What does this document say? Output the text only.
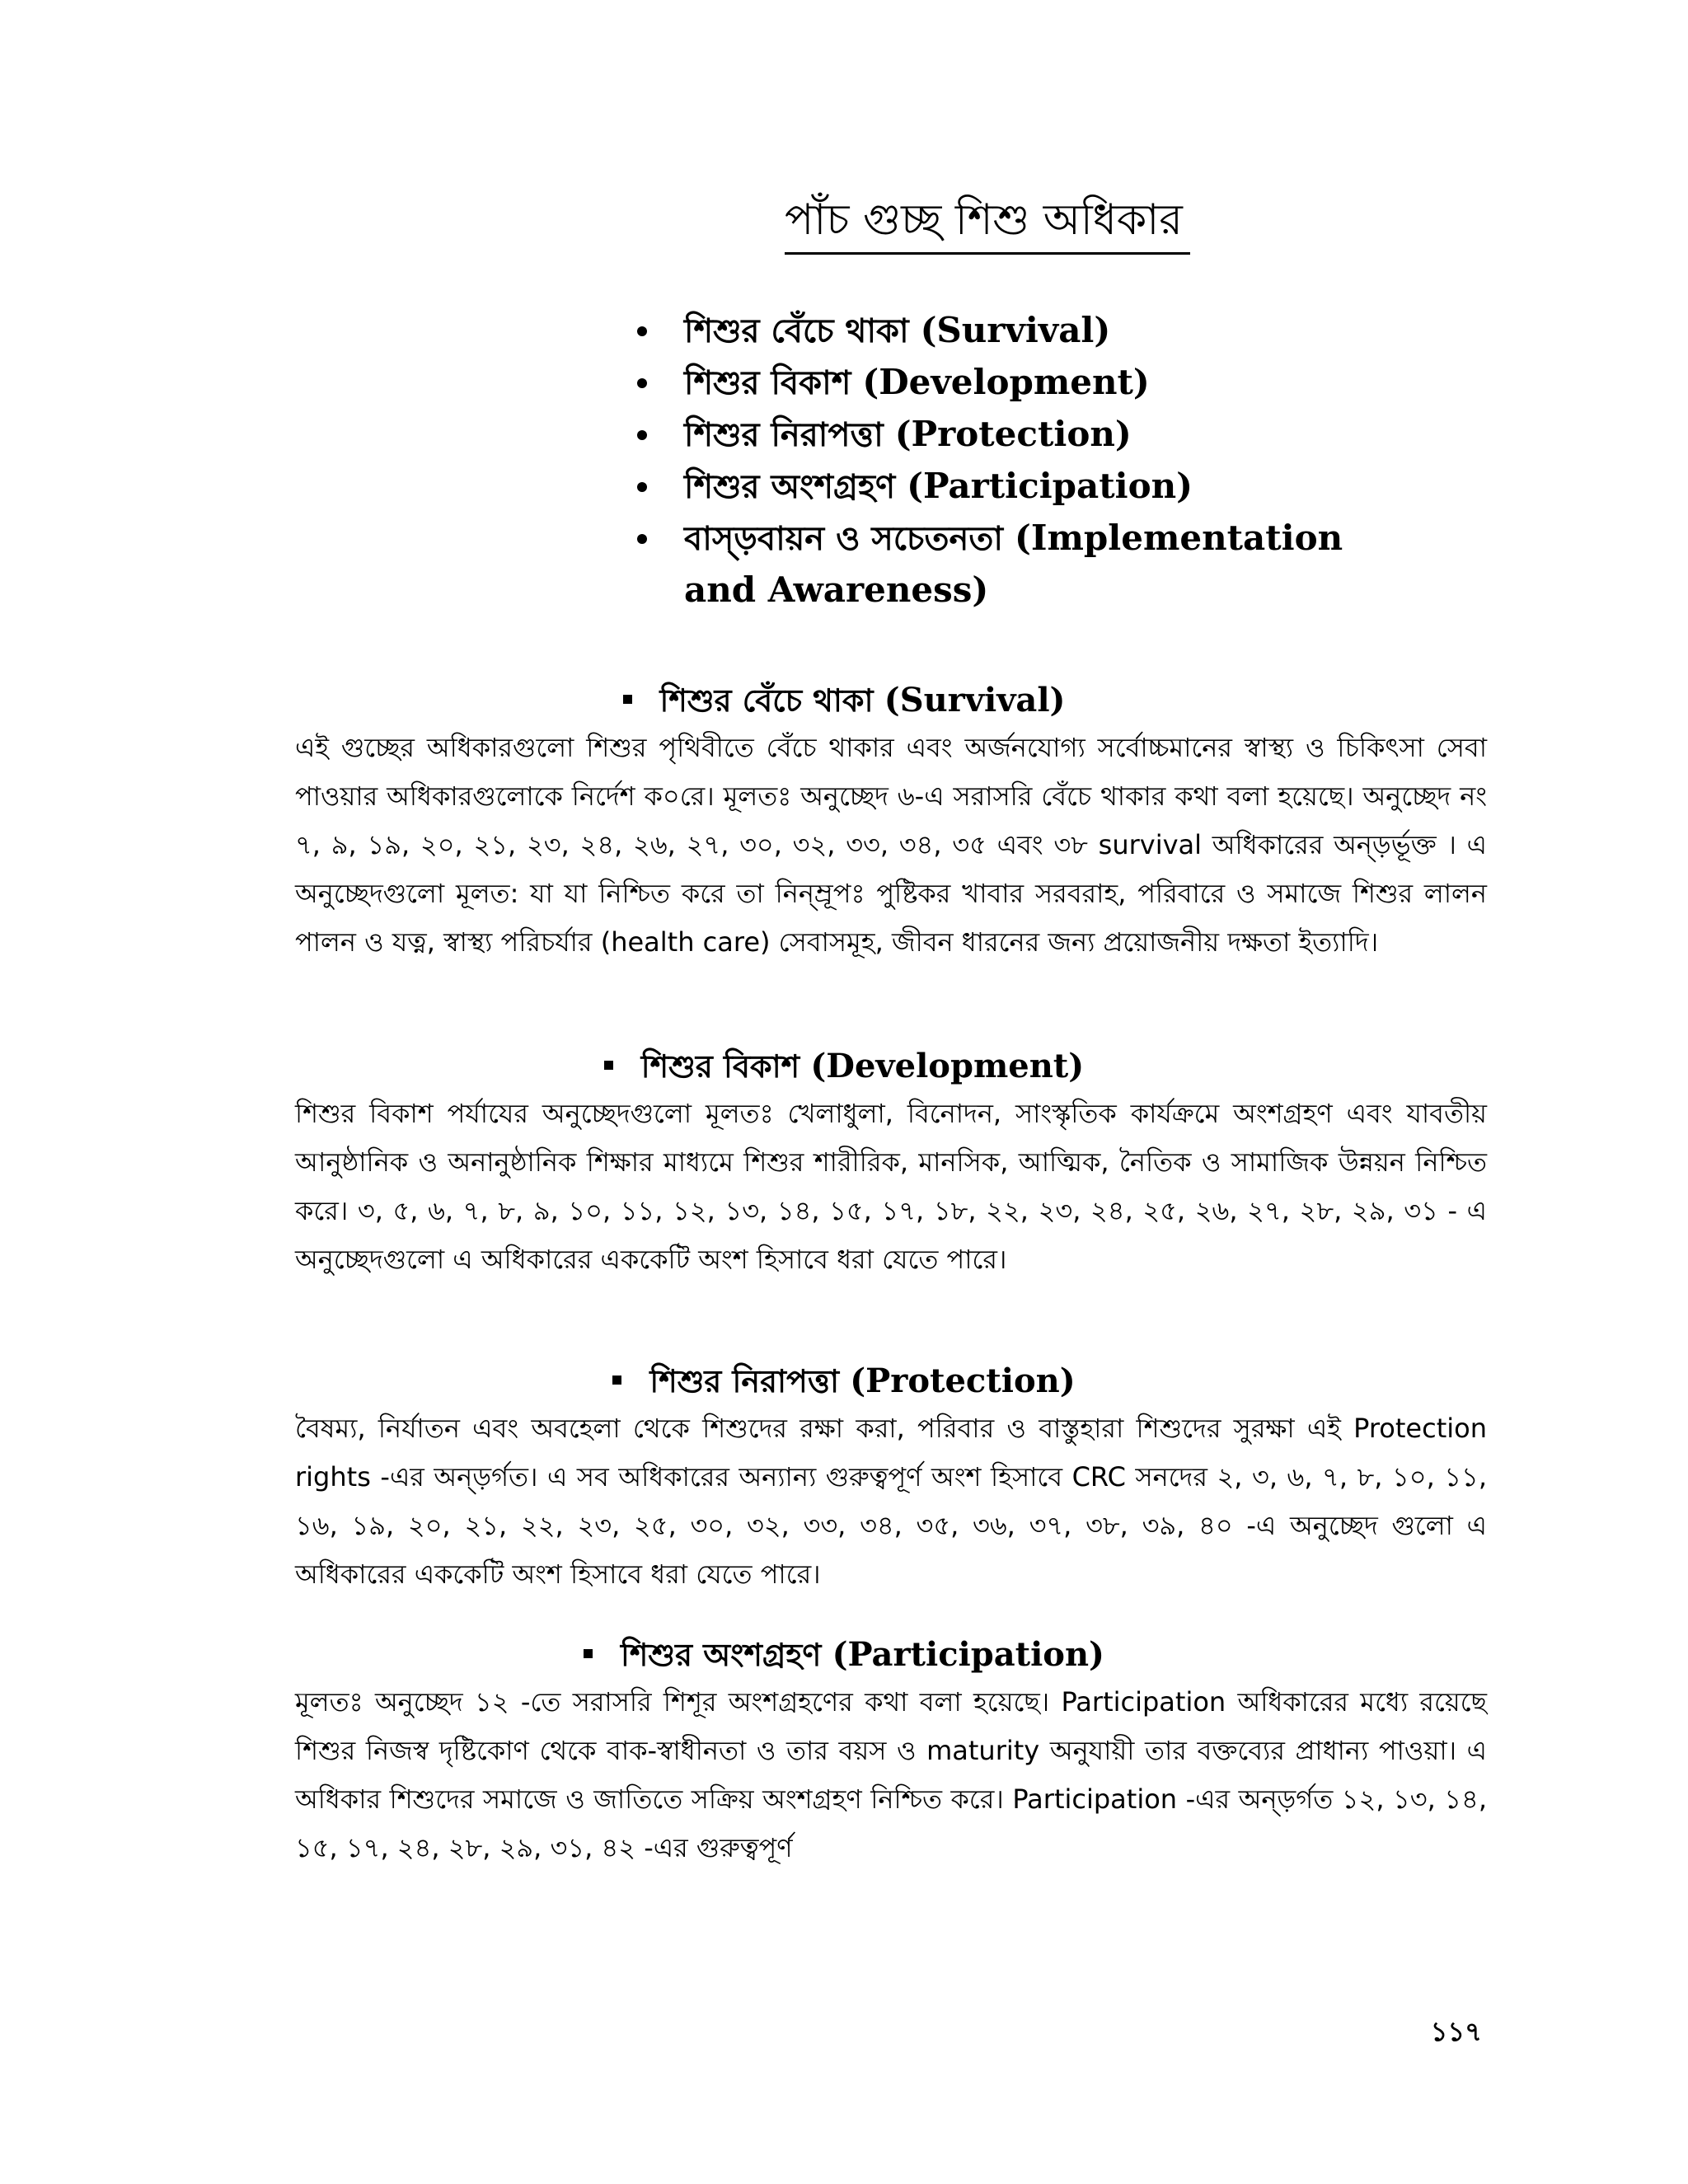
পাঁচ গুচ্ছ শিশু অধিকার
শিশুর বেঁচে থাকা (Survival)
শিশুর বিকাশ (Development)
শিশুর নিরাপত্তা (Protection)
শিশুর অংশগ্রহণ (Participation)
বাস্ড়বায়ন ও সচেতনতা (Implementation and Awareness)
শিশুর বেঁচে থাকা (Survival)
এই গুচ্ছের অধিকারগুলো শিশুর পৃথিবীতে বেঁচে থাকার এবং অর্জনযোগ্য সর্বোচ্চমানের স্বাস্থ্য ও চিকিৎসা সেবা পাওয়ার অধিকারগুলোকে নির্দেশ ক০রে। মূলতঃ অনুচ্ছেদ ৬-এ সরাসরি বেঁচে থাকার কথা বলা হয়েছে। অনুচ্ছেদ নং ৭, ৯, ১৯, ২০, ২১, ২৩, ২৪, ২৬, ২৭, ৩০, ৩২, ৩৩, ৩৪, ৩৫ এবং ৩৮ survival অধিকারের অন্ড়র্ভূক্ত । এ অনুচ্ছেদগুলো মূলত: যা যা নিশ্চিত করে তা নিন্ম্রূপঃ পুষ্টিকর খাবার সরবরাহ, পরিবারে ও সমাজে শিশুর লালন পালন ও যত্ন, স্বাস্থ্য পরিচর্যার (health care) সেবাসমূহ, জীবন ধারনের জন্য প্রয়োজনীয় দক্ষতা ইত্যাদি।
শিশুর বিকাশ (Development)
শিশুর বিকাশ পর্যাযের অনুচ্ছেদগুলো মূলতঃ খেলাধুলা, বিনোদন, সাংস্কৃতিক কার্যক্রমে অংশগ্রহণ এবং যাবতীয় আনুষ্ঠানিক ও অনানুষ্ঠানিক শিক্ষার মাধ্যমে শিশুর শারীরিক, মানসিক, আত্মিক, নৈতিক ও সামাজিক উন্নয়ন নিশ্চিত করে। ৩, ৫, ৬, ৭, ৮, ৯, ১০, ১১, ১২, ১৩, ১৪, ১৫, ১৭, ১৮, ২২, ২৩, ২৪, ২৫, ২৬, ২৭, ২৮, ২৯, ৩১ - এ অনুচ্ছেদগুলো এ অধিকারের এককেটি অংশ হিসাবে ধরা যেতে পারে।
শিশুর নিরাপত্তা (Protection)
বৈষম্য, নির্যাতন এবং অবহেলা থেকে শিশুদের রক্ষা করা, পরিবার ও বাস্তুহারা শিশুদের সুরক্ষা এই Protection rights -এর অন্ড়র্গত। এ সব অধিকারের অন্যান্য গুরুত্বপূর্ণ অংশ হিসাবে CRC সনদের ২, ৩, ৬, ৭, ৮, ১০, ১১, ১৬, ১৯, ২০, ২১, ২২, ২৩, ২৫, ৩০, ৩২, ৩৩, ৩৪, ৩৫, ৩৬, ৩৭, ৩৮, ৩৯, ৪০ -এ অনুচ্ছেদ গুলো এ অধিকারের এককেটি অংশ হিসাবে ধরা যেতে পারে।
শিশুর অংশগ্রহণ (Participation)
মূলতঃ অনুচ্ছেদ ১২ -তে সরাসরি শিশূর অংশগ্রহণের কথা বলা হয়েছে। Participation অধিকারের মধ্যে রয়েছে শিশুর নিজস্ব দৃষ্টিকোণ থেকে বাক-স্বাধীনতা ও তার বয়স ও maturity অনুযায়ী তার বক্তব্যের প্রাধান্য পাওয়া। এ অধিকার শিশুদের সমাজে ও জাতিতে সক্রিয় অংশগ্রহণ নিশ্চিত করে। Participation -এর অন্ড়র্গত ১২, ১৩, ১৪, ১৫, ১৭, ২৪, ২৮, ২৯, ৩১, ৪২ -এর গুরুত্বপূর্ণ
১১৭
